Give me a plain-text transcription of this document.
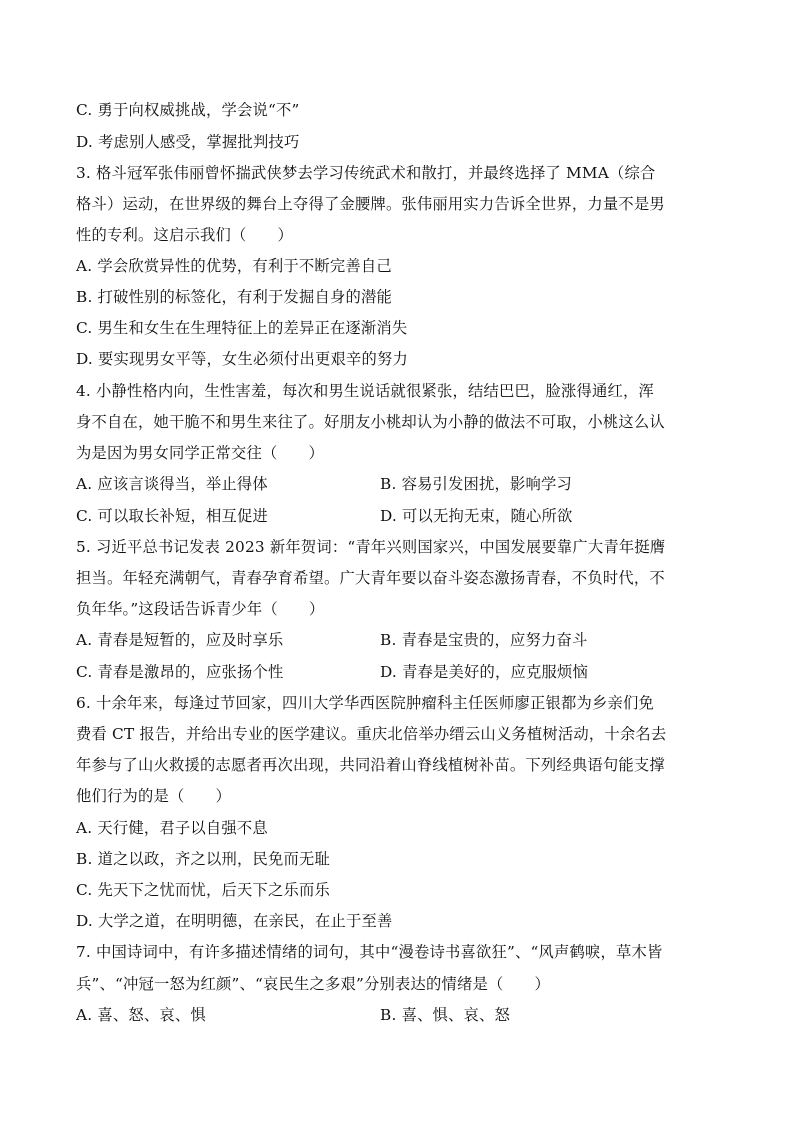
C. 勇于向权威挑战，学会说“不”
D. 考虑别人感受，掌握批判技巧
3. 格斗冠军张伟丽曾怀揣武侠梦去学习传统武术和散打，并最终选择了 MMA（综合
格斗）运动，在世界级的舞台上夺得了金腰牌。张伟丽用实力告诉全世界，力量不是男
性的专利。这启示我们（　　）
A. 学会欣赏异性的优势，有利于不断完善自己
B. 打破性别的标签化，有利于发掘自身的潜能
C. 男生和女生在生理特征上的差异正在逐渐消失
D. 要实现男女平等，女生必须付出更艰辛的努力
4. 小静性格内向，生性害羞，每次和男生说话就很紧张，结结巴巴，脸涨得通红，浑
身不自在，她干脆不和男生来往了。好朋友小桃却认为小静的做法不可取，小桃这么认
为是因为男女同学正常交往（　　）
A. 应该言谈得当，举止得体	B. 容易引发困扰，影响学习
C. 可以取长补短，相互促进	D. 可以无拘无束，随心所欲
5. 习近平总书记发表 2023 新年贺词：“青年兴则国家兴，中国发展要靠广大青年挺膺
担当。年轻充满朝气，青春孕育希望。广大青年要以奋斗姿态激扬青春，不负时代，不
负年华。”这段话告诉青少年（　　）
A. 青春是短暂的，应及时享乐	B. 青春是宝贵的，应努力奋斗
C. 青春是激昂的，应张扬个性	D. 青春是美好的，应克服烦恼
6. 十余年来，每逢过节回家，四川大学华西医院肿瘤科主任医师廖正银都为乡亲们免
费看 CT 报告，并给出专业的医学建议。重庆北倍举办缙云山义务植树活动，十余名去
年参与了山火救援的志愿者再次出现，共同沿着山脊线植树补苗。下列经典语句能支撑
他们行为的是（　　）
A. 天行健，君子以自强不息
B. 道之以政，齐之以刑，民免而无耻
C. 先天下之忧而忧，后天下之乐而乐
D. 大学之道，在明明德，在亲民，在止于至善
7. 中国诗词中，有许多描述情绪的词句，其中“漫卷诗书喜欲狂”、“风声鹤唳，草木皆
兵”、“冲冠一怒为红颜”、“哀民生之多艰”分别表达的情绪是（　　）
A. 喜、怒、哀、惧	B. 喜、惧、哀、怒
